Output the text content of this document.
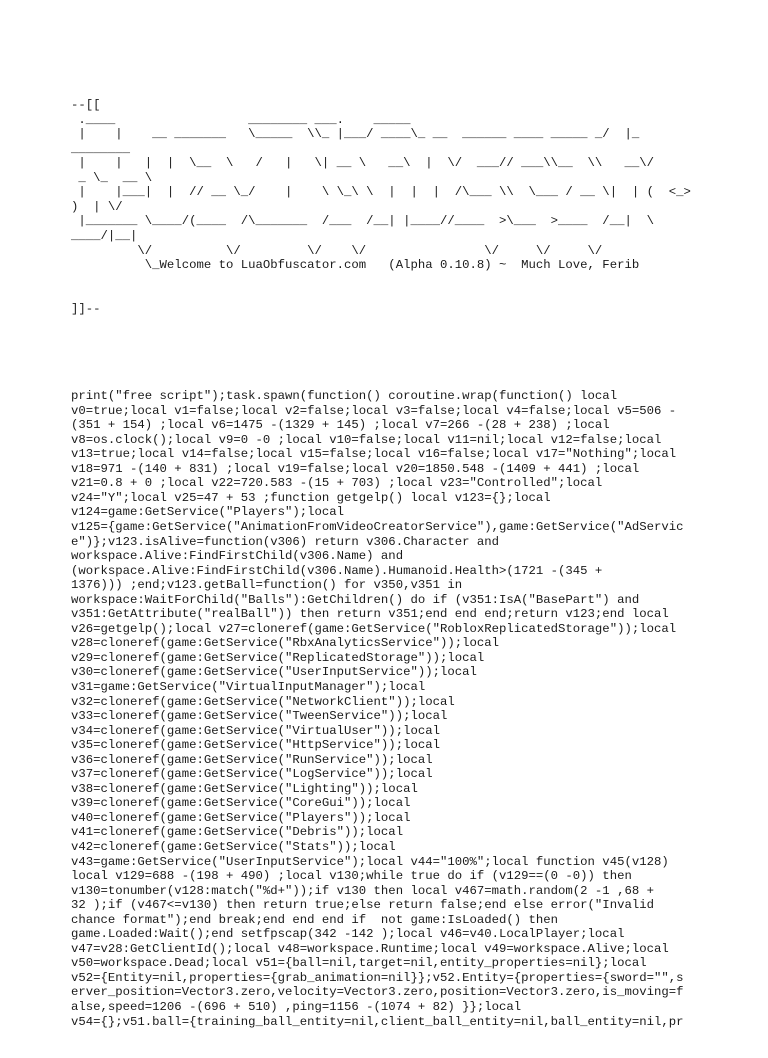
--[[
.____                  ________ ___.    _____
|    |    __ _______   \_____  \\_ |___/ ____\_ __  ______ ____ _____ _/  |_
________
|    |   |  |  \__  \   /   |   \| __ \   __\  |  \/  ___// ___\\__  \\   __\/
_ \_  __ \
|    |___|  |  // __ \_/    |    \ \_\ \  |  |  |  /\___ \\  \___ / __ \|  | (  <_>
)  | \/
|_______ \____/(____  /\_______  /___  /__| |____//____  >\___  >____  /__|  \
____/|__|
\/          \/         \/    \/                \/     \/     \/
\_Welcome to LuaObfuscator.com   (Alpha 0.10.8) ~  Much Love, Ferib

]]--

print("free script");task.spawn(function() coroutine.wrap(function() local
v0=true;local v1=false;local v2=false;local v3=false;local v4=false;local v5=506 -
(351 + 154) ;local v6=1475 -(1329 + 145) ;local v7=266 -(28 + 238) ;local
v8=os.clock();local v9=0 -0 ;local v10=false;local v11=nil;local v12=false;local
v13=true;local v14=false;local v15=false;local v16=false;local v17="Nothing";local
v18=971 -(140 + 831) ;local v19=false;local v20=1850.548 -(1409 + 441) ;local
v21=0.8 + 0 ;local v22=720.583 -(15 + 703) ;local v23="Controlled";local
v24="Y";local v25=47 + 53 ;function getgelp() local v123={};local
v124=game:GetService("Players");local
v125={game:GetService("AnimationFromVideoCreatorService"),game:GetService("AdServic
e")};v123.isAlive=function(v306) return v306.Character and
workspace.Alive:FindFirstChild(v306.Name) and
(workspace.Alive:FindFirstChild(v306.Name).Humanoid.Health>(1721 -(345 +
1376))) ;end;v123.getBall=function() for v350,v351 in
workspace:WaitForChild("Balls"):GetChildren() do if (v351:IsA("BasePart") and
v351:GetAttribute("realBall")) then return v351;end end end;return v123;end local
v26=getgelp();local v27=cloneref(game:GetService("RobloxReplicatedStorage"));local
v28=cloneref(game:GetService("RbxAnalyticsService"));local
v29=cloneref(game:GetService("ReplicatedStorage"));local
v30=cloneref(game:GetService("UserInputService"));local
v31=game:GetService("VirtualInputManager");local
v32=cloneref(game:GetService("NetworkClient"));local
v33=cloneref(game:GetService("TweenService"));local
v34=cloneref(game:GetService("VirtualUser"));local
v35=cloneref(game:GetService("HttpService"));local
v36=cloneref(game:GetService("RunService"));local
v37=cloneref(game:GetService("LogService"));local
v38=cloneref(game:GetService("Lighting"));local
v39=cloneref(game:GetService("CoreGui"));local
v40=cloneref(game:GetService("Players"));local
v41=cloneref(game:GetService("Debris"));local
v42=cloneref(game:GetService("Stats"));local
v43=game:GetService("UserInputService");local v44="100%";local function v45(v128)
local v129=688 -(198 + 490) ;local v130;while true do if (v129==(0 -0)) then
v130=tonumber(v128:match("%d+"));if v130 then local v467=math.random(2 -1 ,68 +
32 );if (v467<=v130) then return true;else return false;end else error("Invalid
chance format");end break;end end end if  not game:IsLoaded() then
game.Loaded:Wait();end setfpscap(342 -142 );local v46=v40.LocalPlayer;local
v47=v28:GetClientId();local v48=workspace.Runtime;local v49=workspace.Alive;local
v50=workspace.Dead;local v51={ball=nil,target=nil,entity_properties=nil};local
v52={Entity=nil,properties={grab_animation=nil}};v52.Entity={properties={sword="",s
erver_position=Vector3.zero,velocity=Vector3.zero,position=Vector3.zero,is_moving=f
alse,speed=1206 -(696 + 510) ,ping=1156 -(1074 + 82) }};local
v54={};v51.ball={training_ball_entity=nil,client_ball_entity=nil,ball_entity=nil,pr
